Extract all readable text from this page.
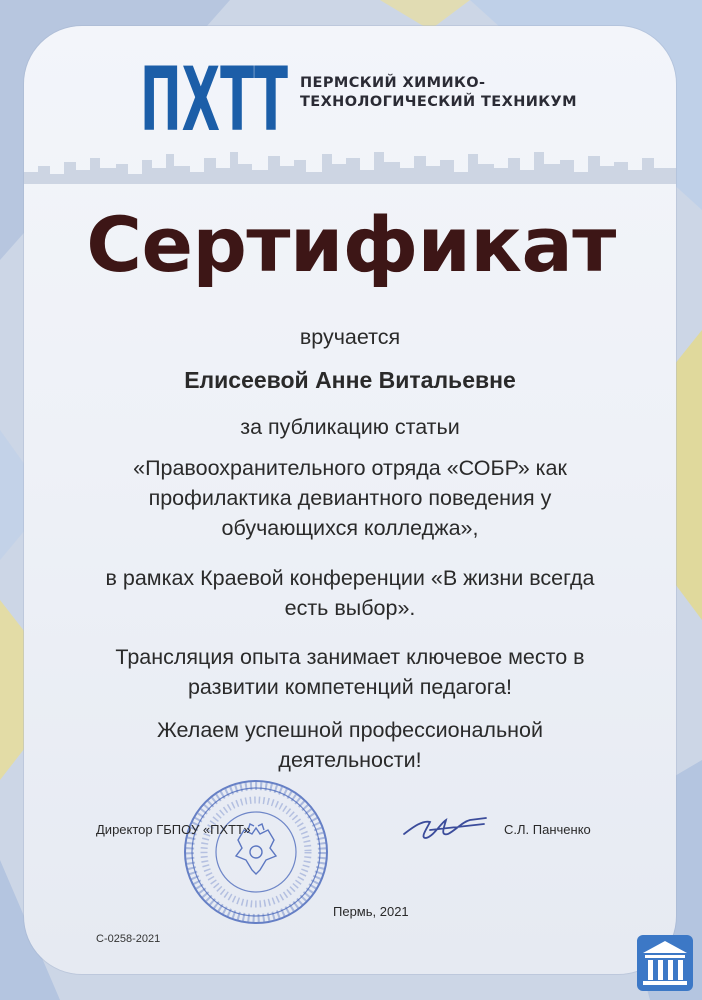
ПХТТ ПЕРМСКИЙ ХИМИКО-
ТЕХНОЛОГИЧЕСКИЙ ТЕХНИКУМ
Сертификат
вручается
Елисеевой Анне Витальевне
за публикацию статьи
«Правоохранительного отряда «СОБР» как
профилактика девиантного поведения у
обучающихся колледжа»,
в рамках Краевой конференции «В жизни всегда
есть выбор».
Трансляция опыта занимает ключевое место в
развитии компетенций педагога!
Желаем успешной профессиональной
деятельности!
Директор ГБПОУ «ПХТТ»	С.Л. Панченко
Пермь, 2021
С-0258-2021
